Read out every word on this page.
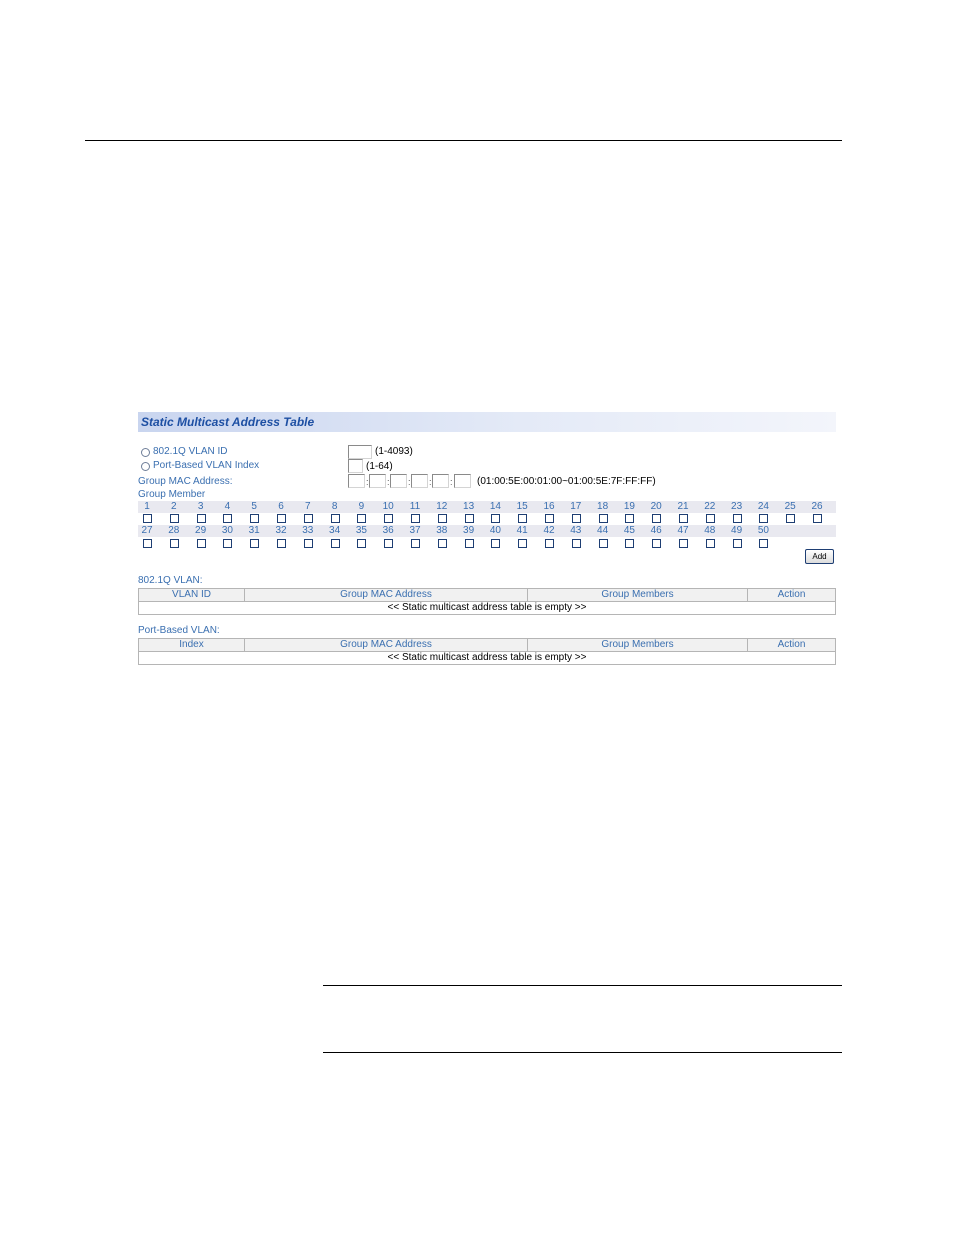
Static Multicast Address Table
802.1Q VLAN ID	(1-4093)
Port-Based VLAN Index	(1-64)
Group MAC Address:	: : : : : (01:00:5E:00:01:00~01:00:5E:7F:FF:FF)
Group Member
1	2	3	4	5	6	7	8	9	10	11	12	13	14	15	16	17	18	19	20	21	22	23	24	25	26
27	28	29	30	31	32	33	34	35	36	37	38	39	40	41	42	43	44	45	46	47	48	49	50
Add
802.1Q VLAN:
VLAN ID	Group MAC Address	Group Members	Action
<< Static multicast address table is empty >>
Port-Based VLAN:
Index	Group MAC Address	Group Members	Action
<< Static multicast address table is empty >>
